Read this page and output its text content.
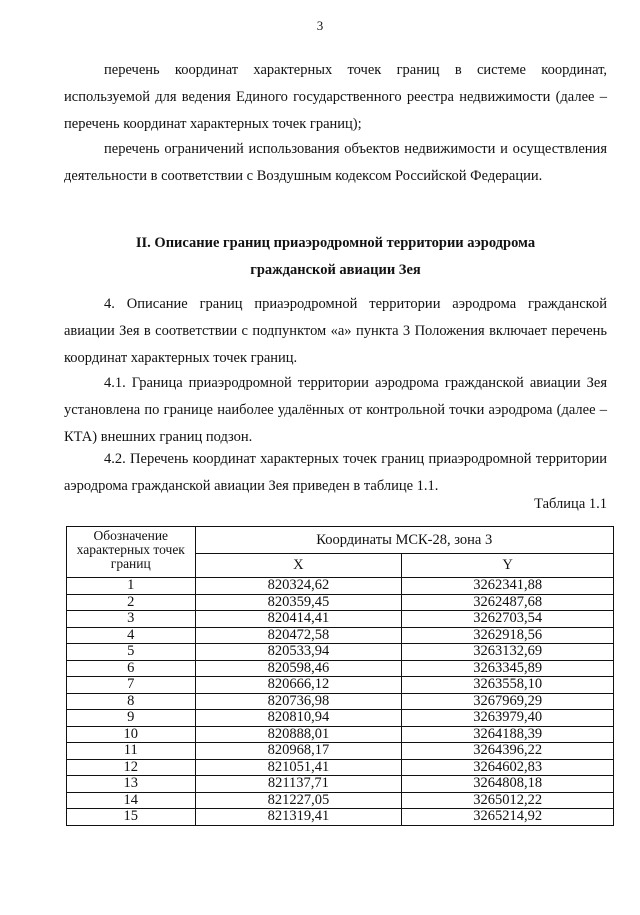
3
перечень координат характерных точек границ в системе координат, используемой для ведения Единого государственного реестра недвижимости (далее – перечень координат характерных точек границ);
перечень ограничений использования объектов недвижимости и осуществления деятельности в соответствии с Воздушным кодексом Российской Федерации.
II. Описание границ приаэродромной территории аэродрома
гражданской авиации Зея
4. Описание границ приаэродромной территории аэродрома гражданской авиации Зея в соответствии с подпунктом «а» пункта 3 Положения включает перечень координат характерных точек границ.
4.1. Граница приаэродромной территории аэродрома гражданской авиации Зея установлена по границе наиболее удалённых от контрольной точки аэродрома (далее – КТА) внешних границ подзон.
4.2. Перечень координат характерных точек границ приаэродромной территории аэродрома гражданской авиации Зея приведен в таблице 1.1.
Таблица 1.1
Обозначение характерных точек границ	Координаты МСК-28, зона 3	
	X	Y
1	820324,62	3262341,88
2	820359,45	3262487,68
3	820414,41	3262703,54
4	820472,58	3262918,56
5	820533,94	3263132,69
6	820598,46	3263345,89
7	820666,12	3263558,10
8	820736,98	3267969,29
9	820810,94	3263979,40
10	820888,01	3264188,39
11	820968,17	3264396,22
12	821051,41	3264602,83
13	821137,71	3264808,18
14	821227,05	3265012,22
15	821319,41	3265214,92
